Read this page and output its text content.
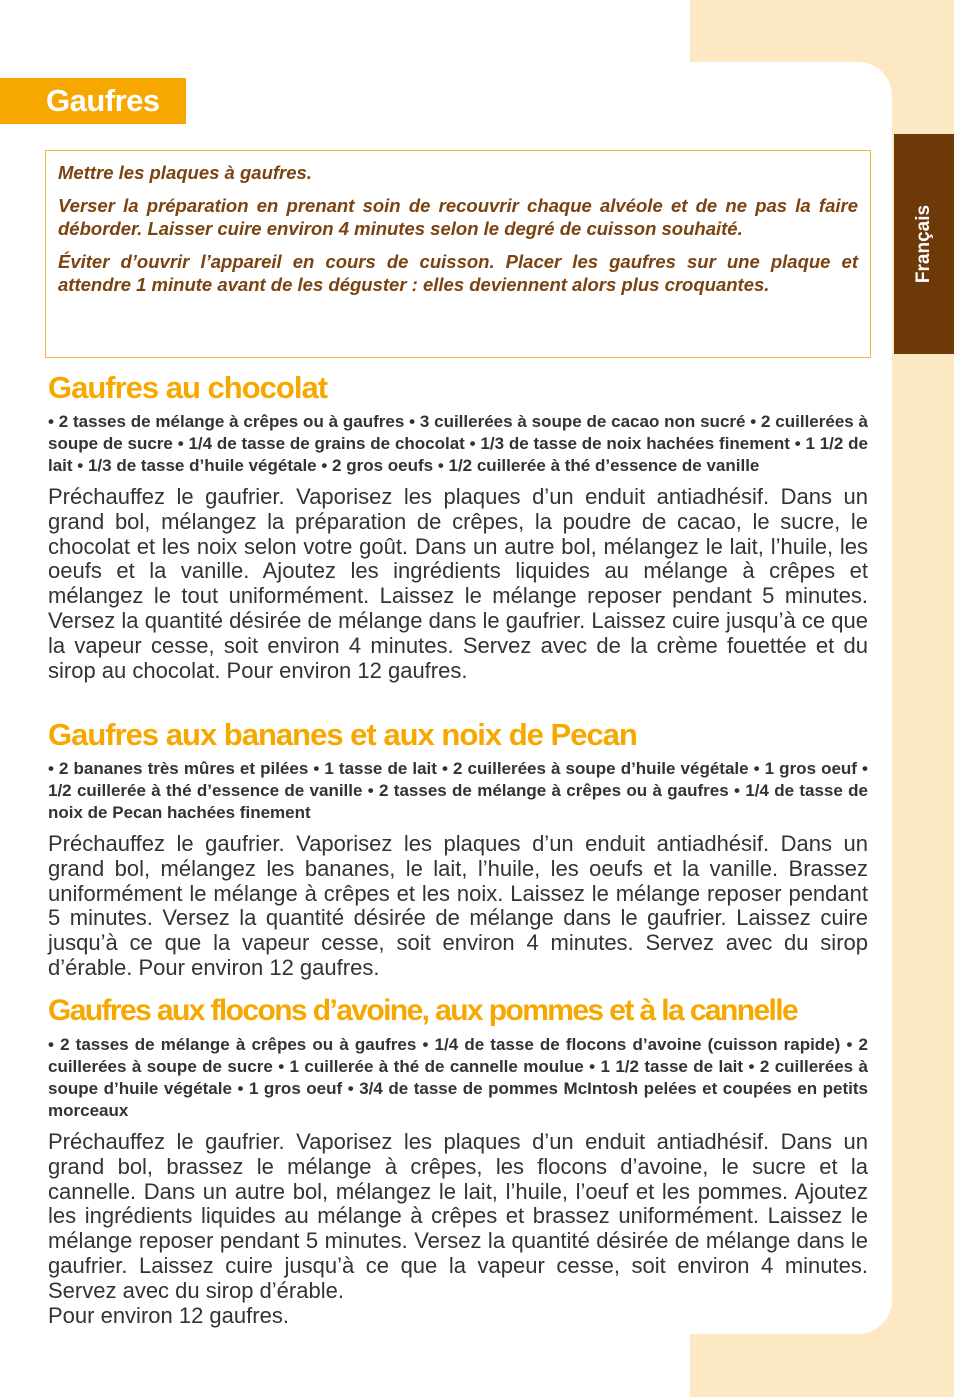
Français
Gaufres

Mettre les plaques à gaufres.

Verser la préparation en prenant soin de recouvrir chaque alvéole et de ne pas la faire déborder. Laisser cuire environ 4 minutes selon le degré de cuisson souhaité.

Éviter d’ouvrir l’appareil en cours de cuisson. Placer les gaufres sur une plaque et attendre 1 minute avant de les déguster : elles deviennent alors plus croquantes.

Gaufres au chocolat

• 2 tasses de mélange à crêpes ou à gaufres • 3 cuillerées à soupe de cacao non sucré • 2 cuillerées à soupe de sucre • 1/4 de tasse de grains de chocolat • 1/3 de tasse de noix hachées finement • 1 1/2 de lait • 1/3 de tasse d’huile végétale • 2 gros oeufs • 1/2 cuillerée à thé d’essence de vanille

Préchauffez le gaufrier. Vaporisez les plaques d’un enduit antiadhésif. Dans un grand bol, mélangez la préparation de crêpes, la poudre de cacao, le sucre, le chocolat et les noix selon votre goût. Dans un autre bol, mélangez le lait, l’huile, les oeufs et la vanille. Ajoutez les ingrédients liquides au mélange à crêpes et mélangez le tout uniformément. Laissez le mélange reposer pendant 5 minutes. Versez la quantité désirée de mélange dans le gaufrier. Laissez cuire jusqu’à ce que la vapeur cesse, soit environ 4 minutes. Servez avec de la crème fouettée et du sirop au chocolat. Pour environ 12 gaufres.

Gaufres aux bananes et aux noix de Pecan

• 2 bananes très mûres et pilées • 1 tasse de lait • 2 cuillerées à soupe d’huile végétale • 1 gros oeuf • 1/2 cuillerée à thé d’essence de vanille • 2 tasses de mélange à crêpes ou à gaufres • 1/4 de tasse de noix de Pecan hachées finement

Préchauffez le gaufrier. Vaporisez les plaques d’un enduit antiadhésif. Dans un grand bol, mélangez les bananes, le lait, l’huile, les oeufs et la vanille. Brassez uniformément le mélange à crêpes et les noix. Laissez le mélange reposer pendant 5 minutes. Versez la quantité désirée de mélange dans le gaufrier. Laissez cuire jusqu’à ce que la vapeur cesse, soit environ 4 minutes. Servez avec du sirop d’érable. Pour environ 12 gaufres.

Gaufres aux flocons d’avoine, aux pommes et à la cannelle

• 2 tasses de mélange à crêpes ou à gaufres • 1/4 de tasse de flocons d’avoine (cuisson rapide) • 2 cuillerées à soupe de sucre • 1 cuillerée à thé de cannelle moulue • 1 1/2 tasse de lait • 2 cuillerées à soupe d’huile végétale • 1 gros oeuf • 3/4 de tasse de pommes McIntosh pelées et coupées en petits morceaux

Préchauffez le gaufrier. Vaporisez les plaques d’un enduit antiadhésif. Dans un grand bol, brassez le mélange à crêpes, les flocons d’avoine, le sucre et la cannelle. Dans un autre bol, mélangez le lait, l’huile, l’oeuf et les pommes. Ajoutez les ingrédients liquides au mélange à crêpes et brassez uniformément. Laissez le mélange reposer pendant 5 minutes. Versez la quantité désirée de mélange dans le gaufrier. Laissez cuire jusqu’à ce que la vapeur cesse, soit environ 4 minutes. Servez avec du sirop d’érable.

Pour environ 12 gaufres.
